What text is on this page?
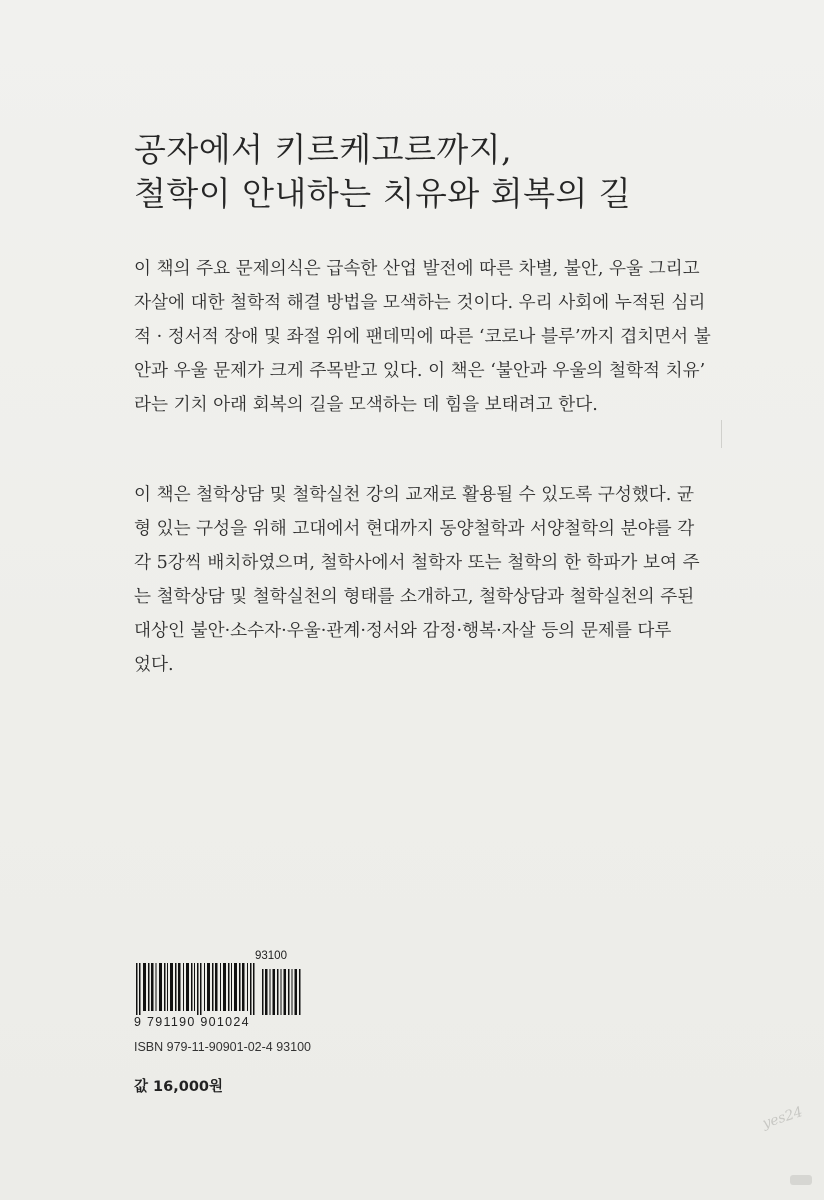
공자에서 키르케고르까지,
철학이 안내하는 치유와 회복의 길
이 책의 주요 문제의식은 급속한 산업 발전에 따른 차별, 불안, 우울 그리고
자살에 대한 철학적 해결 방법을 모색하는 것이다. 우리 사회에 누적된 심리
적 · 정서적 장애 및 좌절 위에 팬데믹에 따른 ‘코로나 블루’까지 겹치면서 불
안과 우울 문제가 크게 주목받고 있다. 이 책은 ‘불안과 우울의 철학적 치유’
라는 기치 아래 회복의 길을 모색하는 데 힘을 보태려고 한다.
이 책은 철학상담 및 철학실천 강의 교재로 활용될 수 있도록 구성했다. 균
형 있는 구성을 위해 고대에서 현대까지 동양철학과 서양철학의 분야를 각
각 5강씩 배치하였으며, 철학사에서 철학자 또는 철학의 한 학파가 보여 주
는 철학상담 및 철학실천의 형태를 소개하고, 철학상담과 철학실천의 주된
대상인 불안·소수자·우울·관계·정서와 감정·행복·자살 등의 문제를 다루
었다.
93100
9 791190 901024
ISBN 979-11-90901-02-4 93100
값 16,000원
yes24
